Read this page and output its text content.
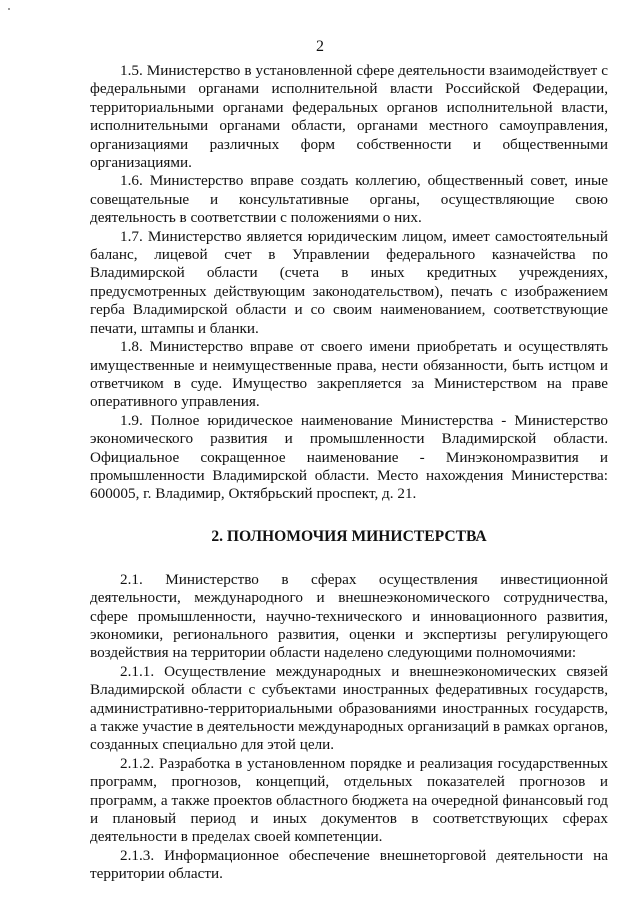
2

1.5. Министерство в установленной сфере деятельности взаимодействует с федеральными органами исполнительной власти Российской Федерации, территориальными органами федеральных органов исполнительной власти, исполнительными органами области, органами местного самоуправления, организациями различных форм собственности и общественными организациями.

1.6. Министерство вправе создать коллегию, общественный совет, иные совещательные и консультативные органы, осуществляющие свою деятельность в соответствии с положениями о них.

1.7. Министерство является юридическим лицом, имеет самостоятельный баланс, лицевой счет в Управлении федерального казначейства по Владимирской области (счета в иных кредитных учреждениях, предусмотренных действующим законодательством), печать с изображением герба Владимирской области и со своим наименованием, соответствующие печати, штампы и бланки.

1.8. Министерство вправе от своего имени приобретать и осуществлять имущественные и неимущественные права, нести обязанности, быть истцом и ответчиком в суде. Имущество закрепляется за Министерством на праве оперативного управления.

1.9. Полное юридическое наименование Министерства - Министерство экономического развития и промышленности Владимирской области. Официальное сокращенное наименование - Минэкономразвития и промышленности Владимирской области. Место нахождения Министерства: 600005, г. Владимир, Октябрьский проспект, д. 21.

2. ПОЛНОМОЧИЯ МИНИСТЕРСТВА

2.1. Министерство в сферах осуществления инвестиционной деятельности, международного и внешнеэкономического сотрудничества, сфере промышленности, научно-технического и инновационного развития, экономики, регионального развития, оценки и экспертизы регулирующего воздействия на территории области наделено следующими полномочиями:

2.1.1. Осуществление международных и внешнеэкономических связей Владимирской области с субъектами иностранных федеративных государств, административно-территориальными образованиями иностранных государств, а также участие в деятельности международных организаций в рамках органов, созданных специально для этой цели.

2.1.2. Разработка в установленном порядке и реализация государственных программ, прогнозов, концепций, отдельных показателей прогнозов и программ, а также проектов областного бюджета на очередной финансовый год и плановый период и иных документов в соответствующих сферах деятельности в пределах своей компетенции.

2.1.3. Информационное обеспечение внешнеторговой деятельности на территории области.
